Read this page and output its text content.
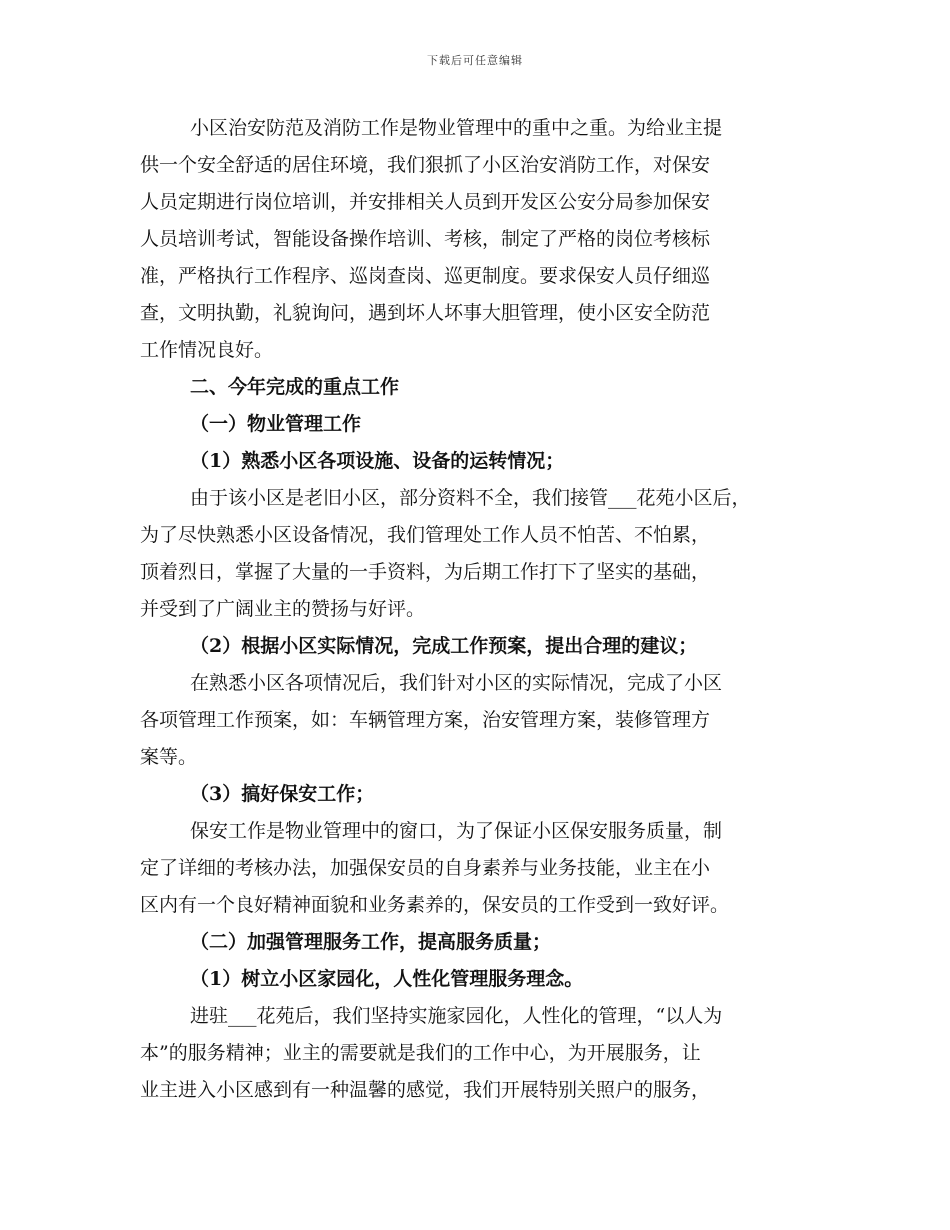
下载后可任意编辑
小区治安防范及消防工作是物业管理中的重中之重。为给业主提
供一个安全舒适的居住环境，我们狠抓了小区治安消防工作，对保安
人员定期进行岗位培训，并安排相关人员到开发区公安分局参加保安
人员培训考试，智能设备操作培训、考核，制定了严格的岗位考核标
准，严格执行工作程序、巡岗查岗、巡更制度。要求保安人员仔细巡
查，文明执勤，礼貌询问，遇到坏人坏事大胆管理，使小区安全防范
工作情况良好。
二、今年完成的重点工作
（一）物业管理工作
（1）熟悉小区各项设施、设备的运转情况；
由于该小区是老旧小区，部分资料不全，我们接管___花苑小区后，
为了尽快熟悉小区设备情况，我们管理处工作人员不怕苦、不怕累，
顶着烈日，掌握了大量的一手资料，为后期工作打下了坚实的基础，
并受到了广阔业主的赞扬与好评。
（2）根据小区实际情况，完成工作预案，提出合理的建议；
在熟悉小区各项情况后，我们针对小区的实际情况，完成了小区
各项管理工作预案，如：车辆管理方案，治安管理方案，装修管理方
案等。
（3）搞好保安工作；
保安工作是物业管理中的窗口，为了保证小区保安服务质量，制
定了详细的考核办法，加强保安员的自身素养与业务技能，业主在小
区内有一个良好精神面貌和业务素养的，保安员的工作受到一致好评。
（二）加强管理服务工作，提高服务质量；
（1）树立小区家园化，人性化管理服务理念。
进驻___花苑后，我们坚持实施家园化，人性化的管理，“以人为
本”的服务精神；业主的需要就是我们的工作中心，为开展服务，让
业主进入小区感到有一种温馨的感觉，我们开展特别关照户的服务，
